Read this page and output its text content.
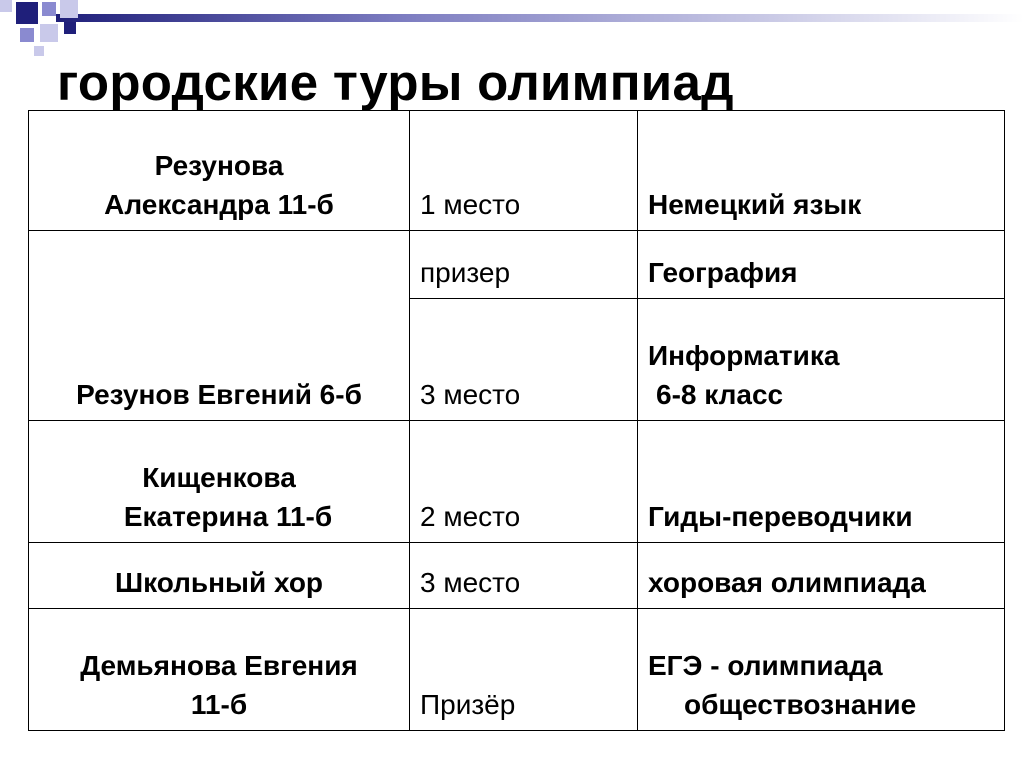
городские туры олимпиад
Резунова
Александра 11-б	1 место	Немецкий язык

Резунов Евгений 6-б	призер	География

	3 место	Информатика
6-8 класс

Кищенкова
Екатерина 11-б	2 место	Гиды-переводчики

Школьный хор	3 место	хоровая олимпиада

Демьянова Евгения
11-б	Призёр	ЕГЭ - олимпиада
обществознание
